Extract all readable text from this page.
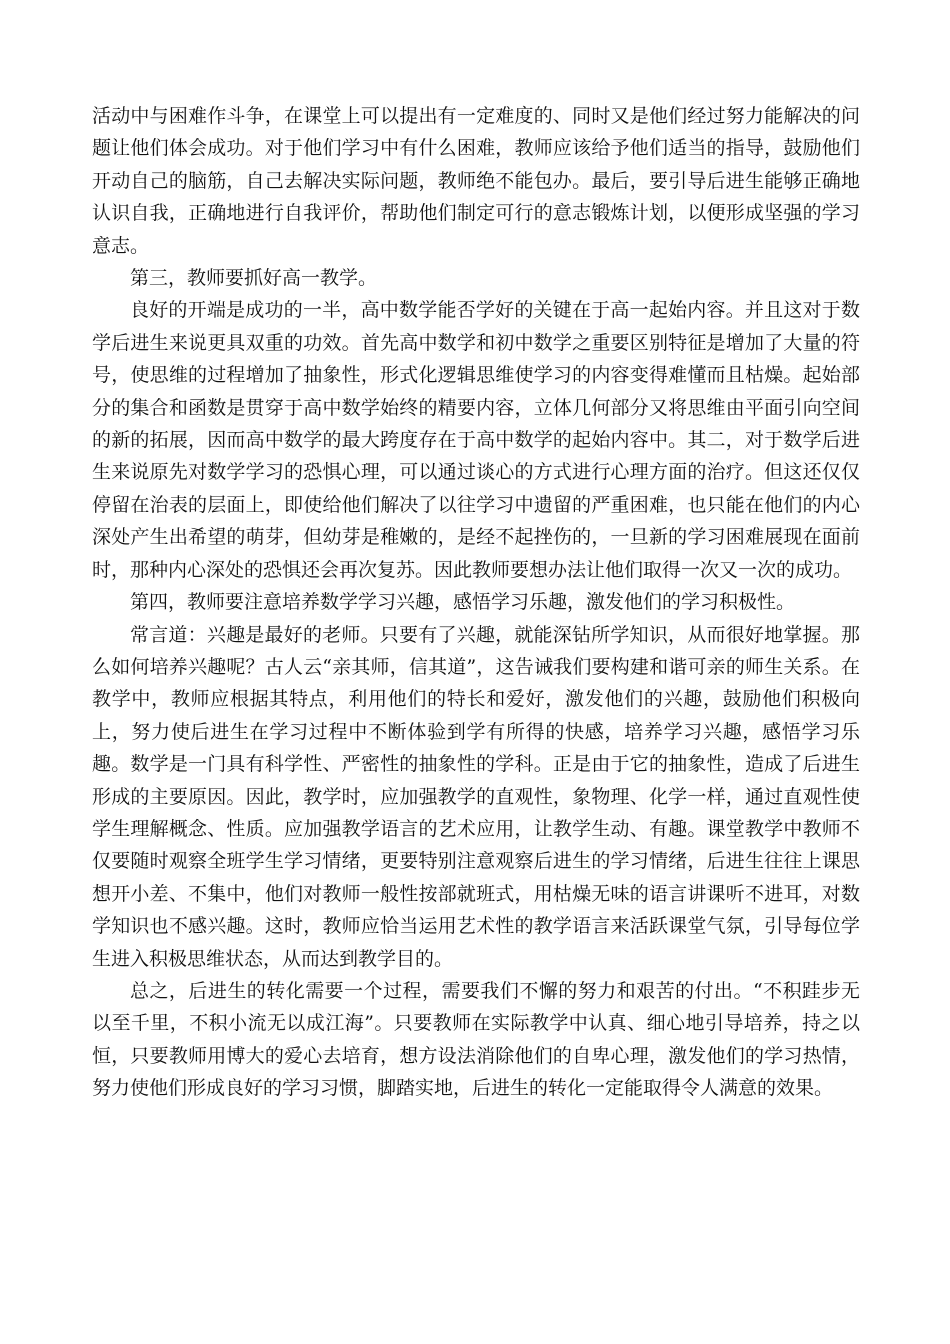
活动中与困难作斗争，在课堂上可以提出有一定难度的、同时又是他们经过努力能解决的问题让他们体会成功。对于他们学习中有什么困难，教师应该给予他们适当的指导，鼓励他们开动自己的脑筋，自己去解决实际问题，教师绝不能包办。最后，要引导后进生能够正确地认识自我，正确地进行自我评价，帮助他们制定可行的意志锻炼计划，以便形成坚强的学习意志。

第三，教师要抓好高一教学。

良好的开端是成功的一半，高中数学能否学好的关键在于高一起始内容。并且这对于数学后进生来说更具双重的功效。首先高中数学和初中数学之重要区别特征是增加了大量的符号，使思维的过程增加了抽象性，形式化逻辑思维使学习的内容变得难懂而且枯燥。起始部分的集合和函数是贯穿于高中数学始终的精要内容，立体几何部分又将思维由平面引向空间的新的拓展，因而高中数学的最大跨度存在于高中数学的起始内容中。其二，对于数学后进生来说原先对数学学习的恐惧心理，可以通过谈心的方式进行心理方面的治疗。但这还仅仅停留在治表的层面上，即使给他们解决了以往学习中遗留的严重困难，也只能在他们的内心深处产生出希望的萌芽，但幼芽是稚嫩的，是经不起挫伤的，一旦新的学习困难展现在面前时，那种内心深处的恐惧还会再次复苏。因此教师要想办法让他们取得一次又一次的成功。

第四，教师要注意培养数学学习兴趣，感悟学习乐趣，激发他们的学习积极性。

常言道：兴趣是最好的老师。只要有了兴趣，就能深钻所学知识，从而很好地掌握。那么如何培养兴趣呢？古人云“亲其师，信其道”，这告诫我们要构建和谐可亲的师生关系。在教学中，教师应根据其特点，利用他们的特长和爱好，激发他们的兴趣，鼓励他们积极向上，努力使后进生在学习过程中不断体验到学有所得的快感，培养学习兴趣，感悟学习乐趣。数学是一门具有科学性、严密性的抽象性的学科。正是由于它的抽象性，造成了后进生形成的主要原因。因此，教学时，应加强教学的直观性，象物理、化学一样，通过直观性使学生理解概念、性质。应加强教学语言的艺术应用，让教学生动、有趣。课堂教学中教师不仅要随时观察全班学生学习情绪，更要特别注意观察后进生的学习情绪，后进生往往上课思想开小差、不集中，他们对教师一般性按部就班式，用枯燥无味的语言讲课听不进耳，对数学知识也不感兴趣。这时，教师应恰当运用艺术性的教学语言来活跃课堂气氛，引导每位学生进入积极思维状态，从而达到教学目的。

总之，后进生的转化需要一个过程，需要我们不懈的努力和艰苦的付出。“不积跬步无以至千里，不积小流无以成江海”。只要教师在实际教学中认真、细心地引导培养，持之以恒，只要教师用博大的爱心去培育，想方设法消除他们的自卑心理，激发他们的学习热情，努力使他们形成良好的学习习惯，脚踏实地，后进生的转化一定能取得令人满意的效果。
